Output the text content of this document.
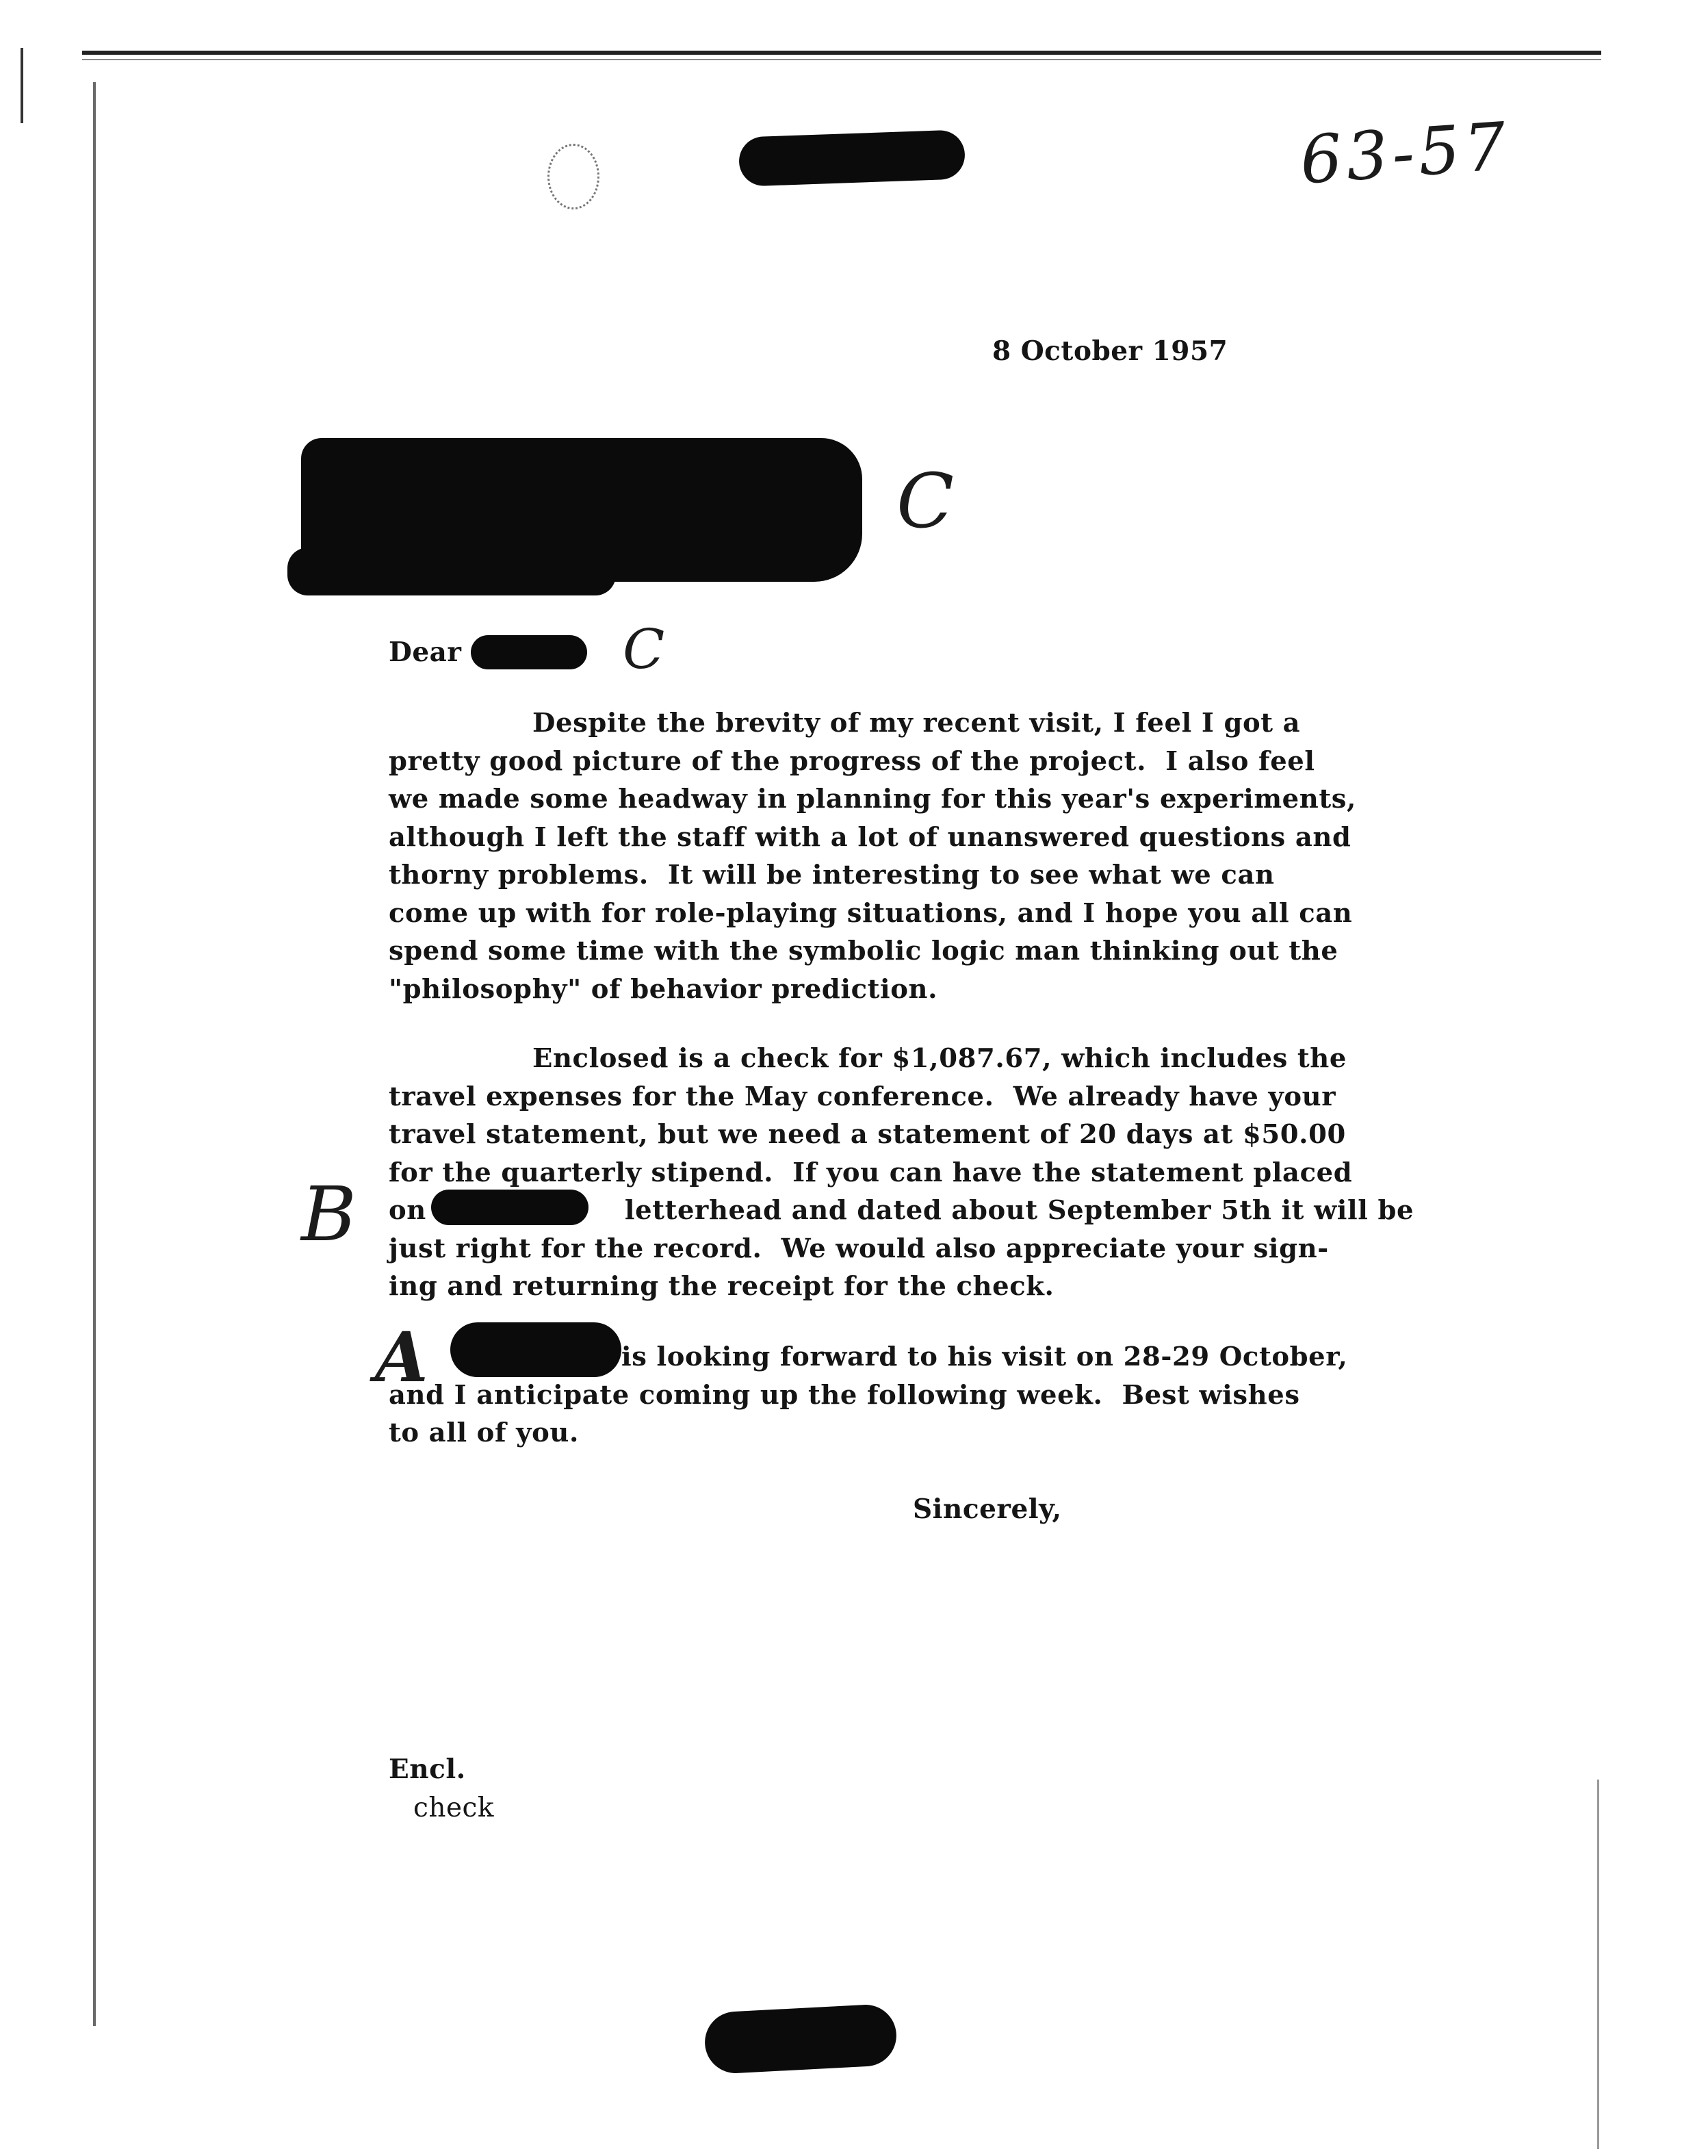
63-57
8 October 1957
C
Dear	C
Despite the brevity of my recent visit, I feel I got a
pretty good picture of the progress of the project.  I also feel
we made some headway in planning for this year's experiments,
although I left the staff with a lot of unanswered questions and
thorny problems.  It will be interesting to see what we can
come up with for role-playing situations, and I hope you all can
spend some time with the symbolic logic man thinking out the
"philosophy" of behavior prediction.
Enclosed is a check for $1,087.67, which includes the
travel expenses for the May conference.  We already have your
travel statement, but we need a statement of 20 days at $50.00
for the quarterly stipend.  If you can have the statement placed
on	letterhead and dated about September 5th it will be
just right for the record.  We would also appreciate your sign-
ing and returning the receipt for the check.
B
is looking forward to his visit on 28-29 October,
and I anticipate coming up the following week.  Best wishes
to all of you.
A
Sincerely,
Encl.
check
